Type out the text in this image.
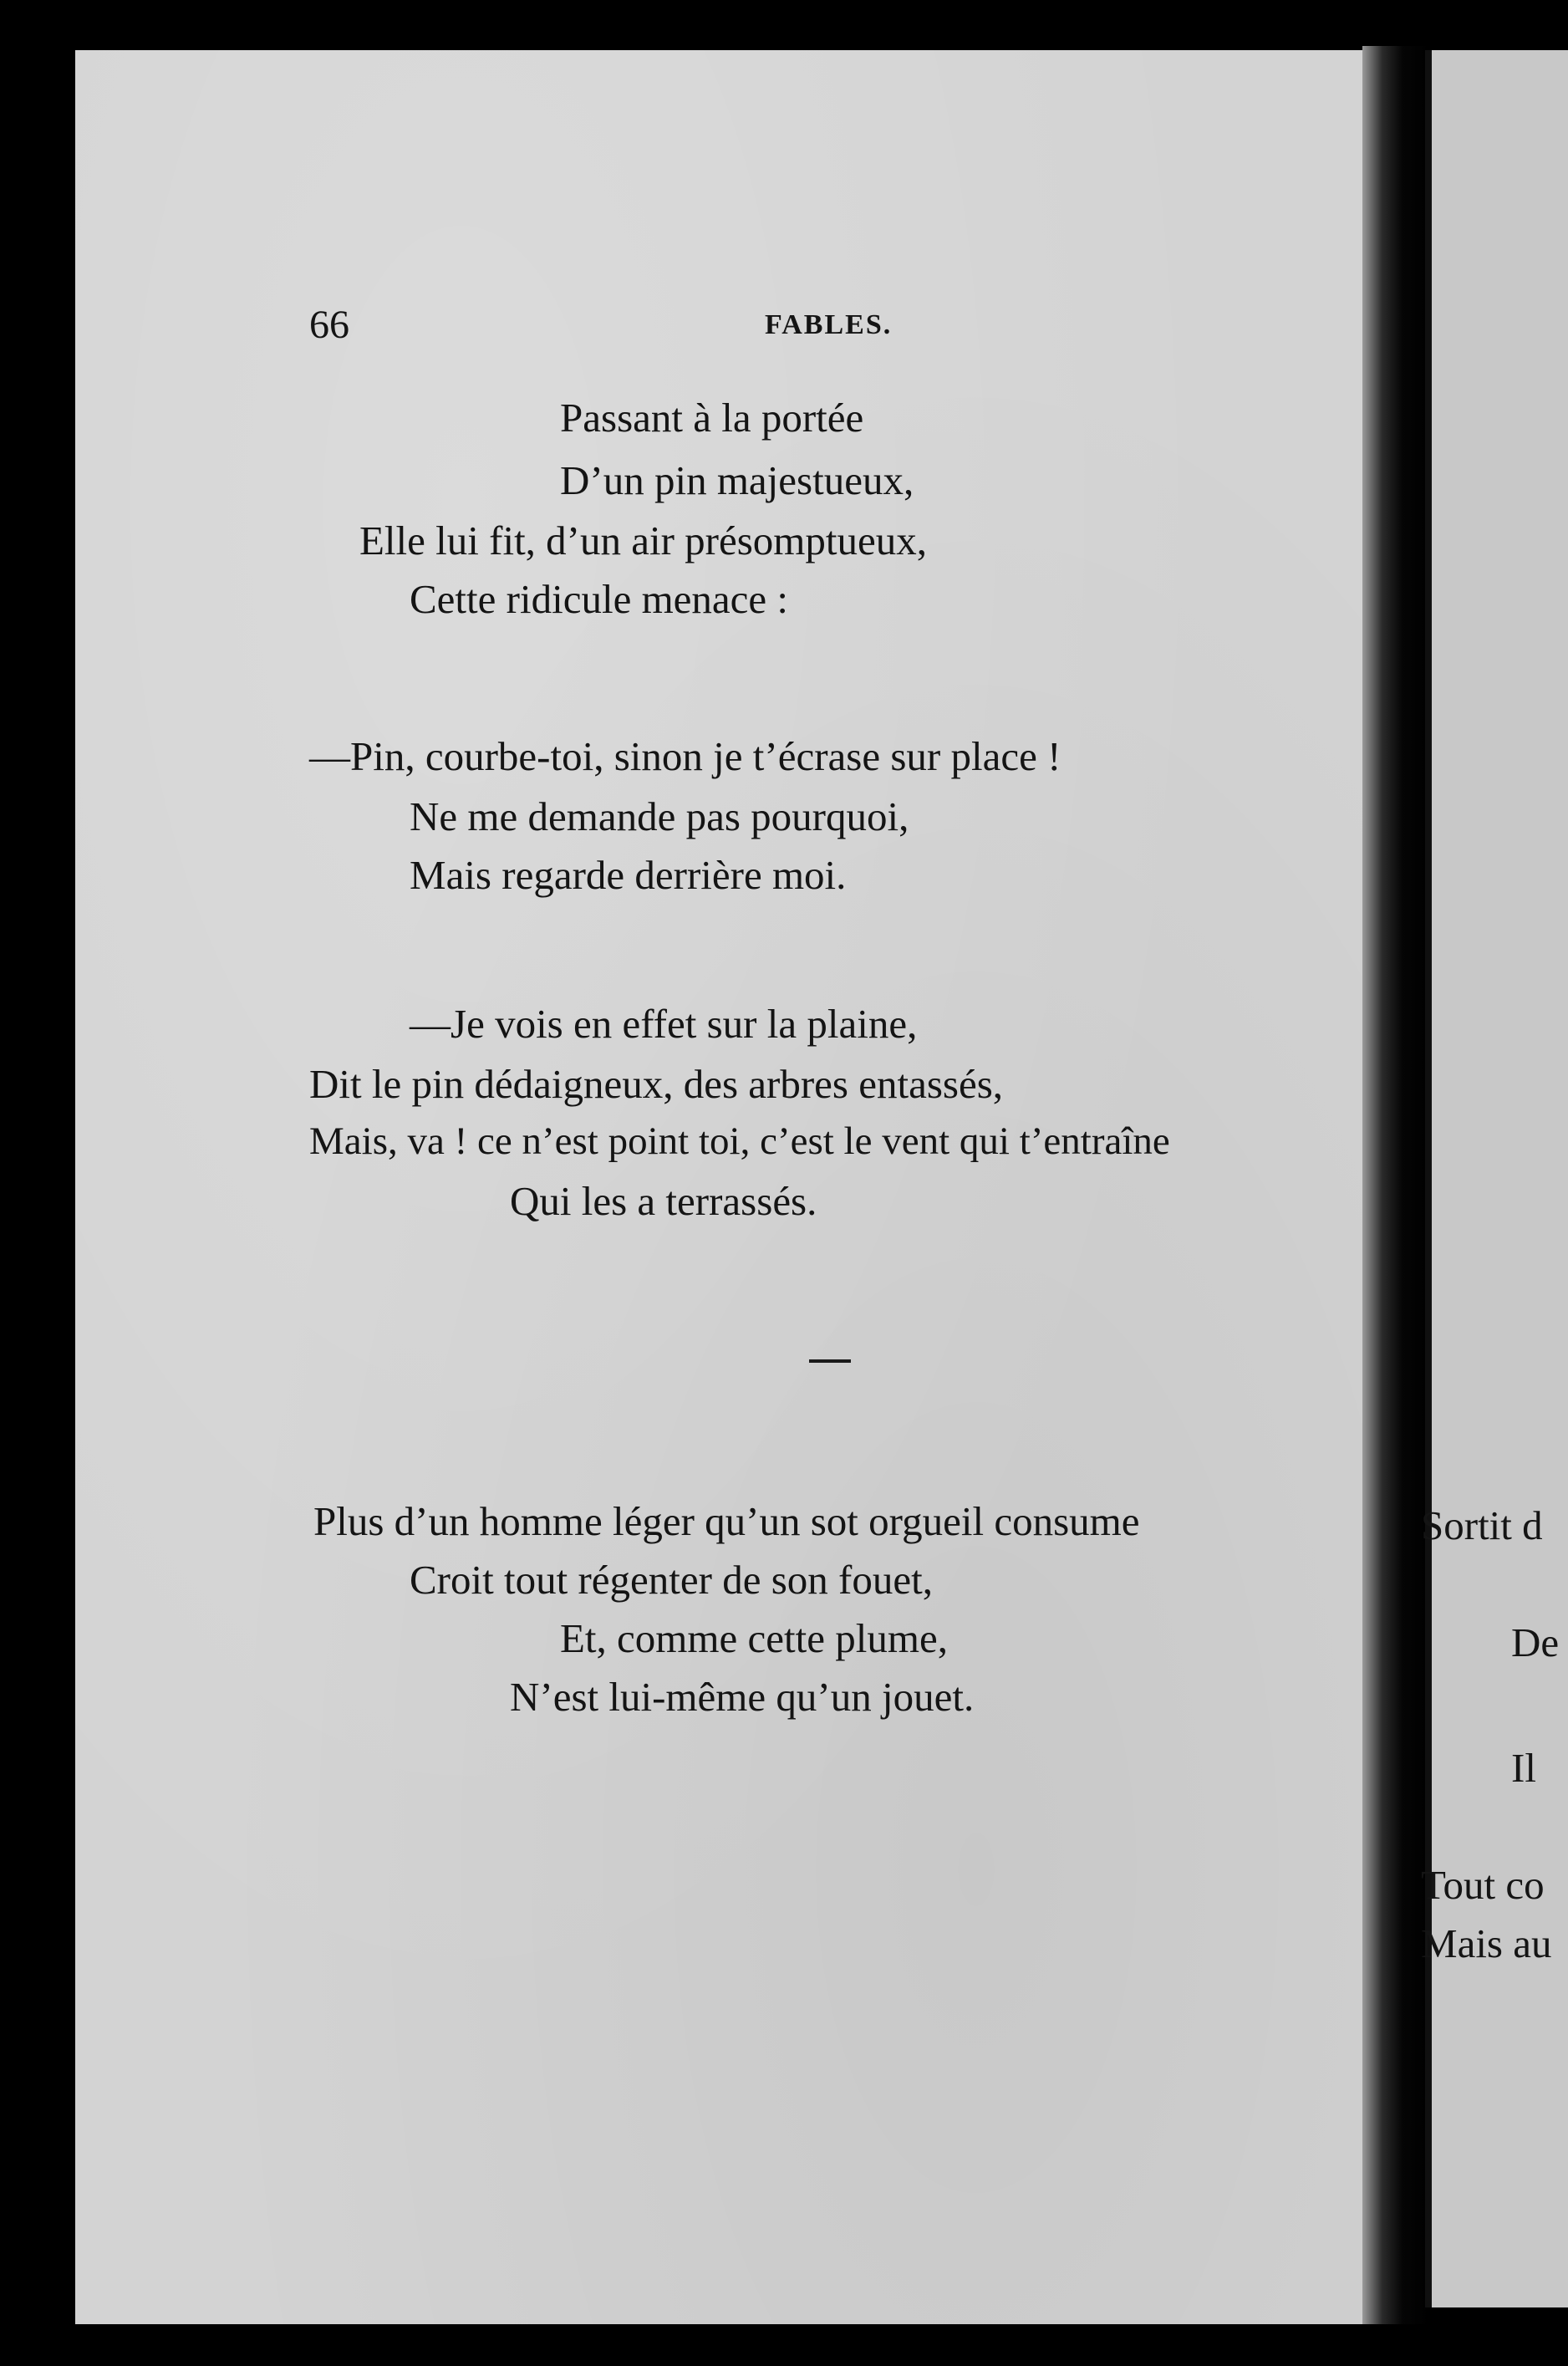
66	FABLES.
Passant à la portée
D’un pin majestueux,
Elle lui fit, d’un air présomptueux,
Cette ridicule menace :
—Pin, courbe-toi, sinon je t’écrase sur place !
Ne me demande pas pourquoi,
Mais regarde derrière moi.
—Je vois en effet sur la plaine,
Dit le pin dédaigneux, des arbres entassés,
Mais, va ! ce n’est point toi, c’est le vent qui t’entraîne
Qui les a terrassés.
Plus d’un homme léger qu’un sot orgueil consume
Croit tout régenter de son fouet,
Et, comme cette plume,
N’est lui-même qu’un jouet.
Sortit d
De
Il
Tout co
Mais au
